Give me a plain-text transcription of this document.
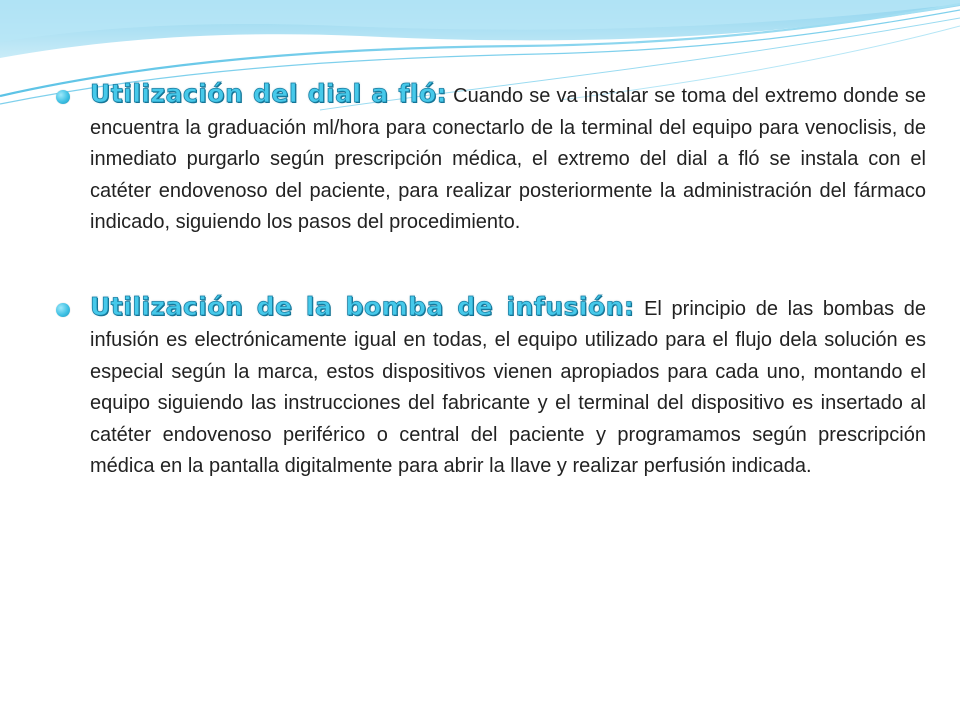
Utilización del dial a fló: Cuando se va instalar se toma del extremo donde se encuentra la graduación ml/hora para conectarlo de la terminal del equipo para venoclisis, de inmediato purgarlo según prescripción médica, el extremo del dial a fló se instala con el catéter endovenoso del paciente, para realizar posteriormente la administración del fármaco indicado, siguiendo los pasos del procedimiento.

Utilización de la bomba de infusión: El principio de las bombas de infusión es electrónicamente igual en todas, el equipo utilizado para el flujo dela solución es especial según la marca, estos dispositivos vienen apropiados para cada uno, montando el equipo siguiendo las instrucciones del fabricante y el terminal del dispositivo es insertado al catéter endovenoso periférico o central del paciente y programamos según prescripción médica en la pantalla digitalmente para abrir la llave y realizar perfusión indicada.
